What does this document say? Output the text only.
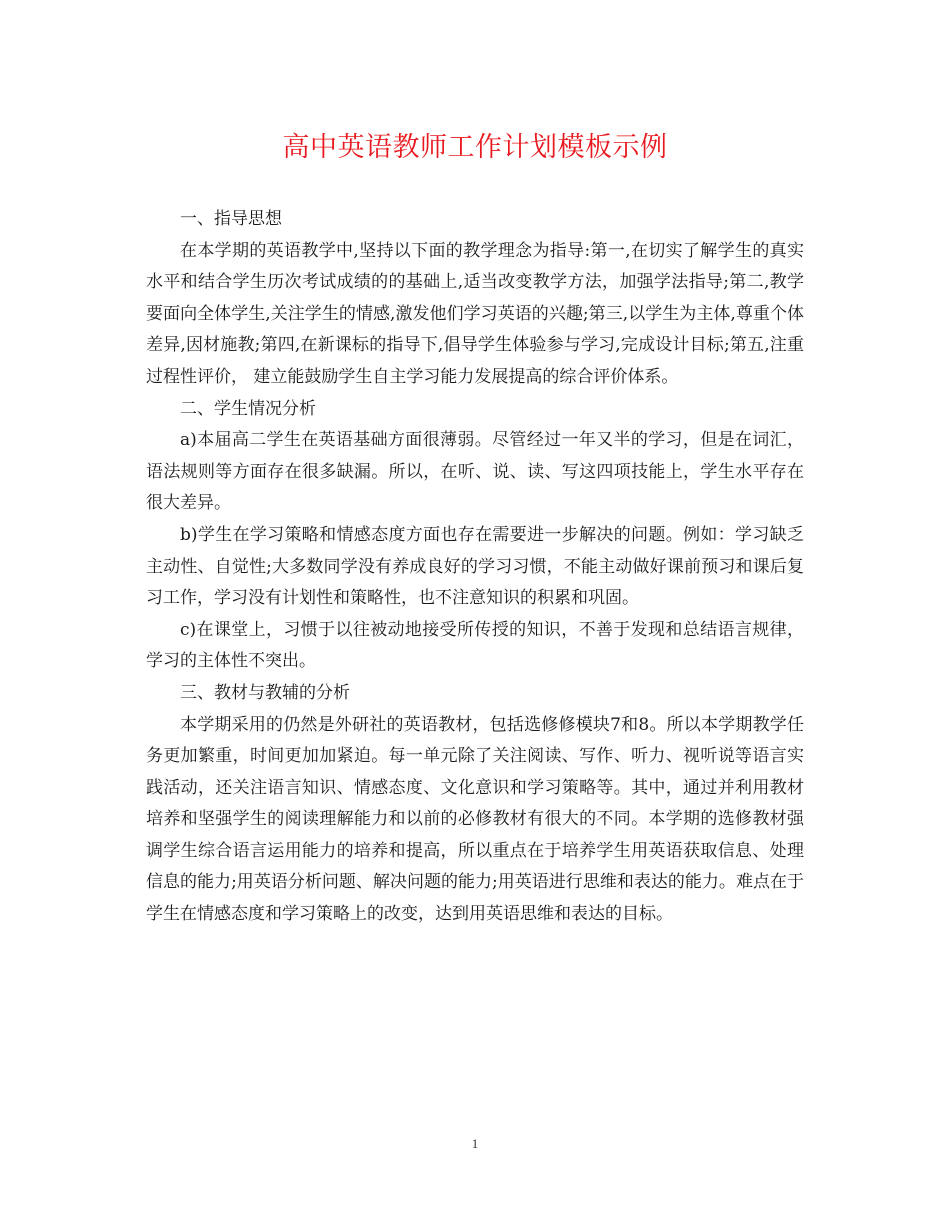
高中英语教师工作计划模板示例

一、指导思想

在本学期的英语教学中,坚持以下面的教学理念为指导:第一,在切实了解学生的真实水平和结合学生历次考试成绩的的基础上,适当改变教学方法，加强学法指导;第二,教学要面向全体学生,关注学生的情感,激发他们学习英语的兴趣;第三,以学生为主体,尊重个体差异,因材施教;第四,在新课标的指导下,倡导学生体验参与学习,完成设计目标;第五,注重过程性评价， 建立能鼓励学生自主学习能力发展提高的综合评价体系。

二、学生情况分析

a)本届高二学生在英语基础方面很薄弱。尽管经过一年又半的学习，但是在词汇，语法规则等方面存在很多缺漏。所以，在听、说、读、写这四项技能上，学生水平存在很大差异。

b)学生在学习策略和情感态度方面也存在需要进一步解决的问题。例如：学习缺乏主动性、自觉性;大多数同学没有养成良好的学习习惯，不能主动做好课前预习和课后复习工作，学习没有计划性和策略性，也不注意知识的积累和巩固。

c)在课堂上，习惯于以往被动地接受所传授的知识，不善于发现和总结语言规律，学习的主体性不突出。

三、教材与教辅的分析

本学期采用的仍然是外研社的英语教材，包括选修修模块7和8。所以本学期教学任务更加繁重，时间更加加紧迫。每一单元除了关注阅读、写作、听力、视听说等语言实践活动，还关注语言知识、情感态度、文化意识和学习策略等。其中，通过并利用教材培养和坚强学生的阅读理解能力和以前的必修教材有很大的不同。本学期的选修教材强调学生综合语言运用能力的培养和提高，所以重点在于培养学生用英语获取信息、处理信息的能力;用英语分析问题、解决问题的能力;用英语进行思维和表达的能力。难点在于学生在情感态度和学习策略上的改变，达到用英语思维和表达的目标。

1
